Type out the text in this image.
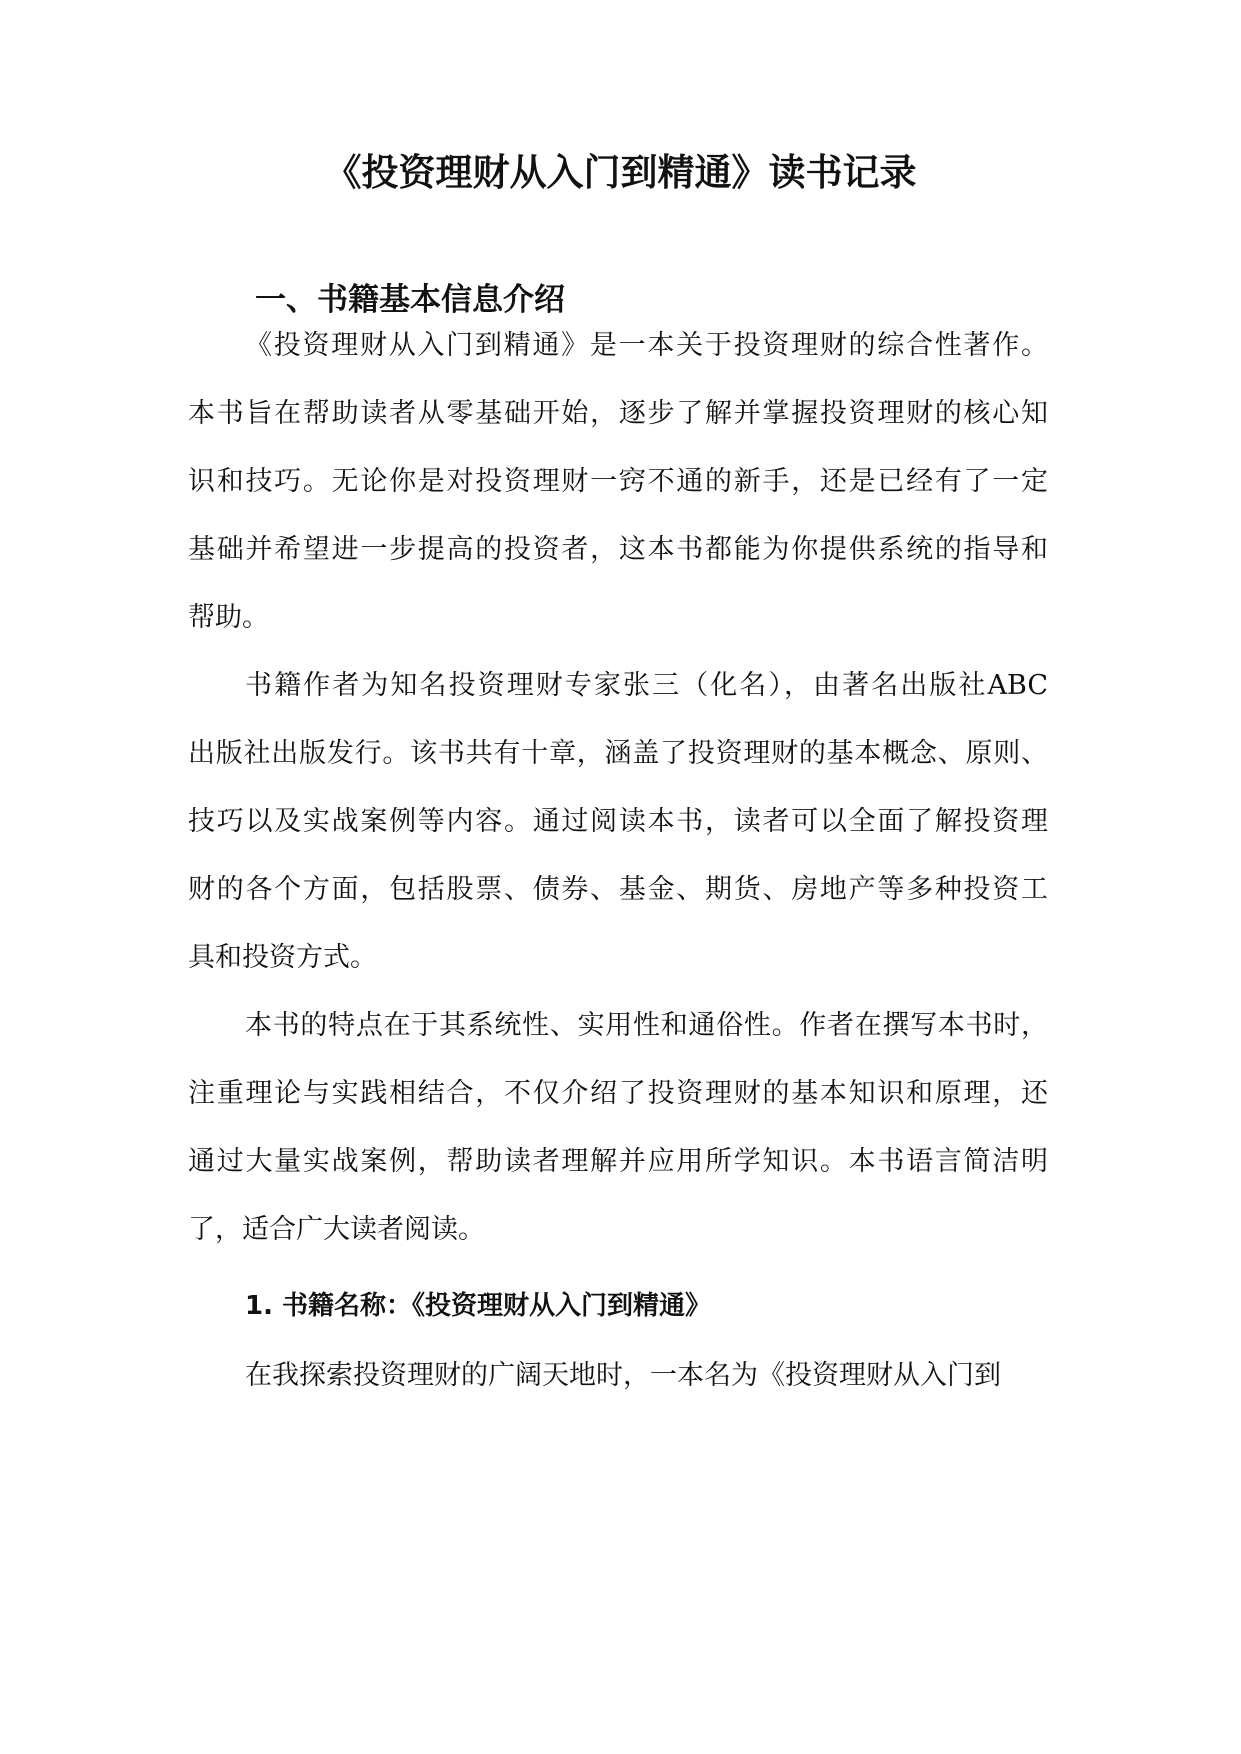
《投资理财从入门到精通》读书记录
一、书籍基本信息介绍
《投资理财从入门到精通》是一本关于投资理财的综合性著作。
本书旨在帮助读者从零基础开始，逐步了解并掌握投资理财的核心知
识和技巧。无论你是对投资理财一窍不通的新手，还是已经有了一定
基础并希望进一步提高的投资者，这本书都能为你提供系统的指导和
帮助。
书籍作者为知名投资理财专家张三（化名），由著名出版社ABC
出版社出版发行。该书共有十章，涵盖了投资理财的基本概念、原则、
技巧以及实战案例等内容。通过阅读本书，读者可以全面了解投资理
财的各个方面，包括股票、债券、基金、期货、房地产等多种投资工
具和投资方式。
本书的特点在于其系统性、实用性和通俗性。作者在撰写本书时，
注重理论与实践相结合，不仅介绍了投资理财的基本知识和原理，还
通过大量实战案例，帮助读者理解并应用所学知识。本书语言简洁明
了，适合广大读者阅读。
1. 书籍名称：《投资理财从入门到精通》
在我探索投资理财的广阔天地时，一本名为《投资理财从入门到
